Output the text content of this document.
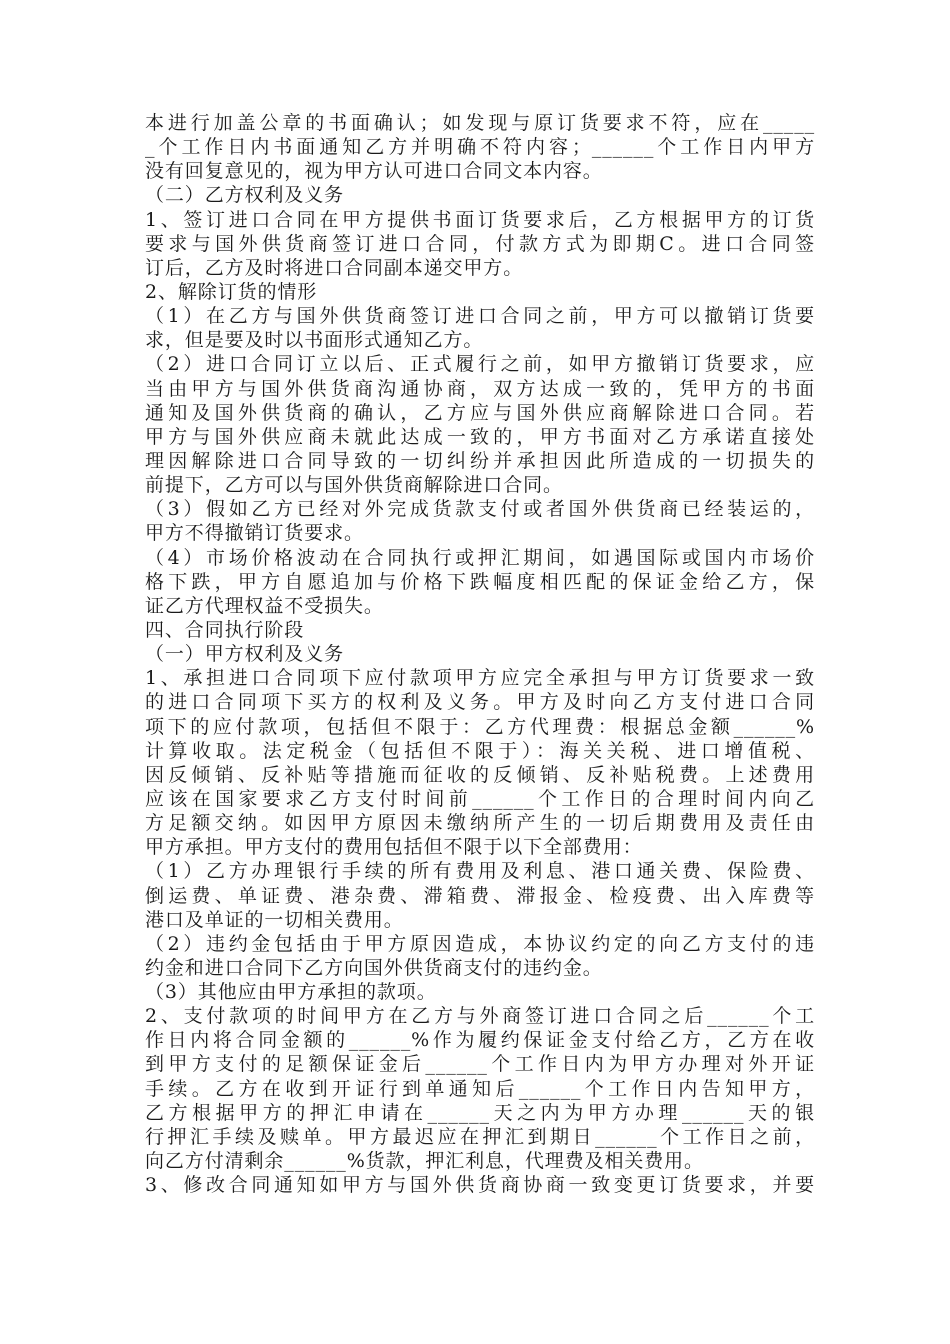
本进行加盖公章的书面确认；如发现与原订货要求不符，应在_____
_个工作日内书面通知乙方并明确不符内容；______个工作日内甲方
没有回复意见的，视为甲方认可进口合同文本内容。
（二）乙方权利及义务
1、签订进口合同在甲方提供书面订货要求后，乙方根据甲方的订货
要求与国外供货商签订进口合同，付款方式为即期C。进口合同签
订后，乙方及时将进口合同副本递交甲方。
2、解除订货的情形
（1）在乙方与国外供货商签订进口合同之前，甲方可以撤销订货要
求，但是要及时以书面形式通知乙方。
（2）进口合同订立以后、正式履行之前，如甲方撤销订货要求，应
当由甲方与国外供货商沟通协商，双方达成一致的，凭甲方的书面
通知及国外供货商的确认，乙方应与国外供应商解除进口合同。若
甲方与国外供应商未就此达成一致的，甲方书面对乙方承诺直接处
理因解除进口合同导致的一切纠纷并承担因此所造成的一切损失的
前提下，乙方可以与国外供货商解除进口合同。
（3）假如乙方已经对外完成货款支付或者国外供货商已经装运的，
甲方不得撤销订货要求。
（4）市场价格波动在合同执行或押汇期间，如遇国际或国内市场价
格下跌，甲方自愿追加与价格下跌幅度相匹配的保证金给乙方，保
证乙方代理权益不受损失。
四、合同执行阶段
（一）甲方权利及义务
1、承担进口合同项下应付款项甲方应完全承担与甲方订货要求一致
的进口合同项下买方的权利及义务。甲方及时向乙方支付进口合同
项下的应付款项，包括但不限于：乙方代理费：根据总金额______%
计算收取。法定税金（包括但不限于）：海关关税、进口增值税、
因反倾销、反补贴等措施而征收的反倾销、反补贴税费。上述费用
应该在国家要求乙方支付时间前______个工作日的合理时间内向乙
方足额交纳。如因甲方原因未缴纳所产生的一切后期费用及责任由
甲方承担。甲方支付的费用包括但不限于以下全部费用：
（1）乙方办理银行手续的所有费用及利息、港口通关费、保险费、
倒运费、单证费、港杂费、滞箱费、滞报金、检疫费、出入库费等
港口及单证的一切相关费用。
（2）违约金包括由于甲方原因造成，本协议约定的向乙方支付的违
约金和进口合同下乙方向国外供货商支付的违约金。
（3）其他应由甲方承担的款项。
2、支付款项的时间甲方在乙方与外商签订进口合同之后______个工
作日内将合同金额的______%作为履约保证金支付给乙方，乙方在收
到甲方支付的足额保证金后______个工作日内为甲方办理对外开证
手续。乙方在收到开证行到单通知后______个工作日内告知甲方，
乙方根据甲方的押汇申请在______天之内为甲方办理______天的银
行押汇手续及赎单。甲方最迟应在押汇到期日______个工作日之前，
向乙方付清剩余______%货款，押汇利息，代理费及相关费用。
3、修改合同通知如甲方与国外供货商协商一致变更订货要求，并要
